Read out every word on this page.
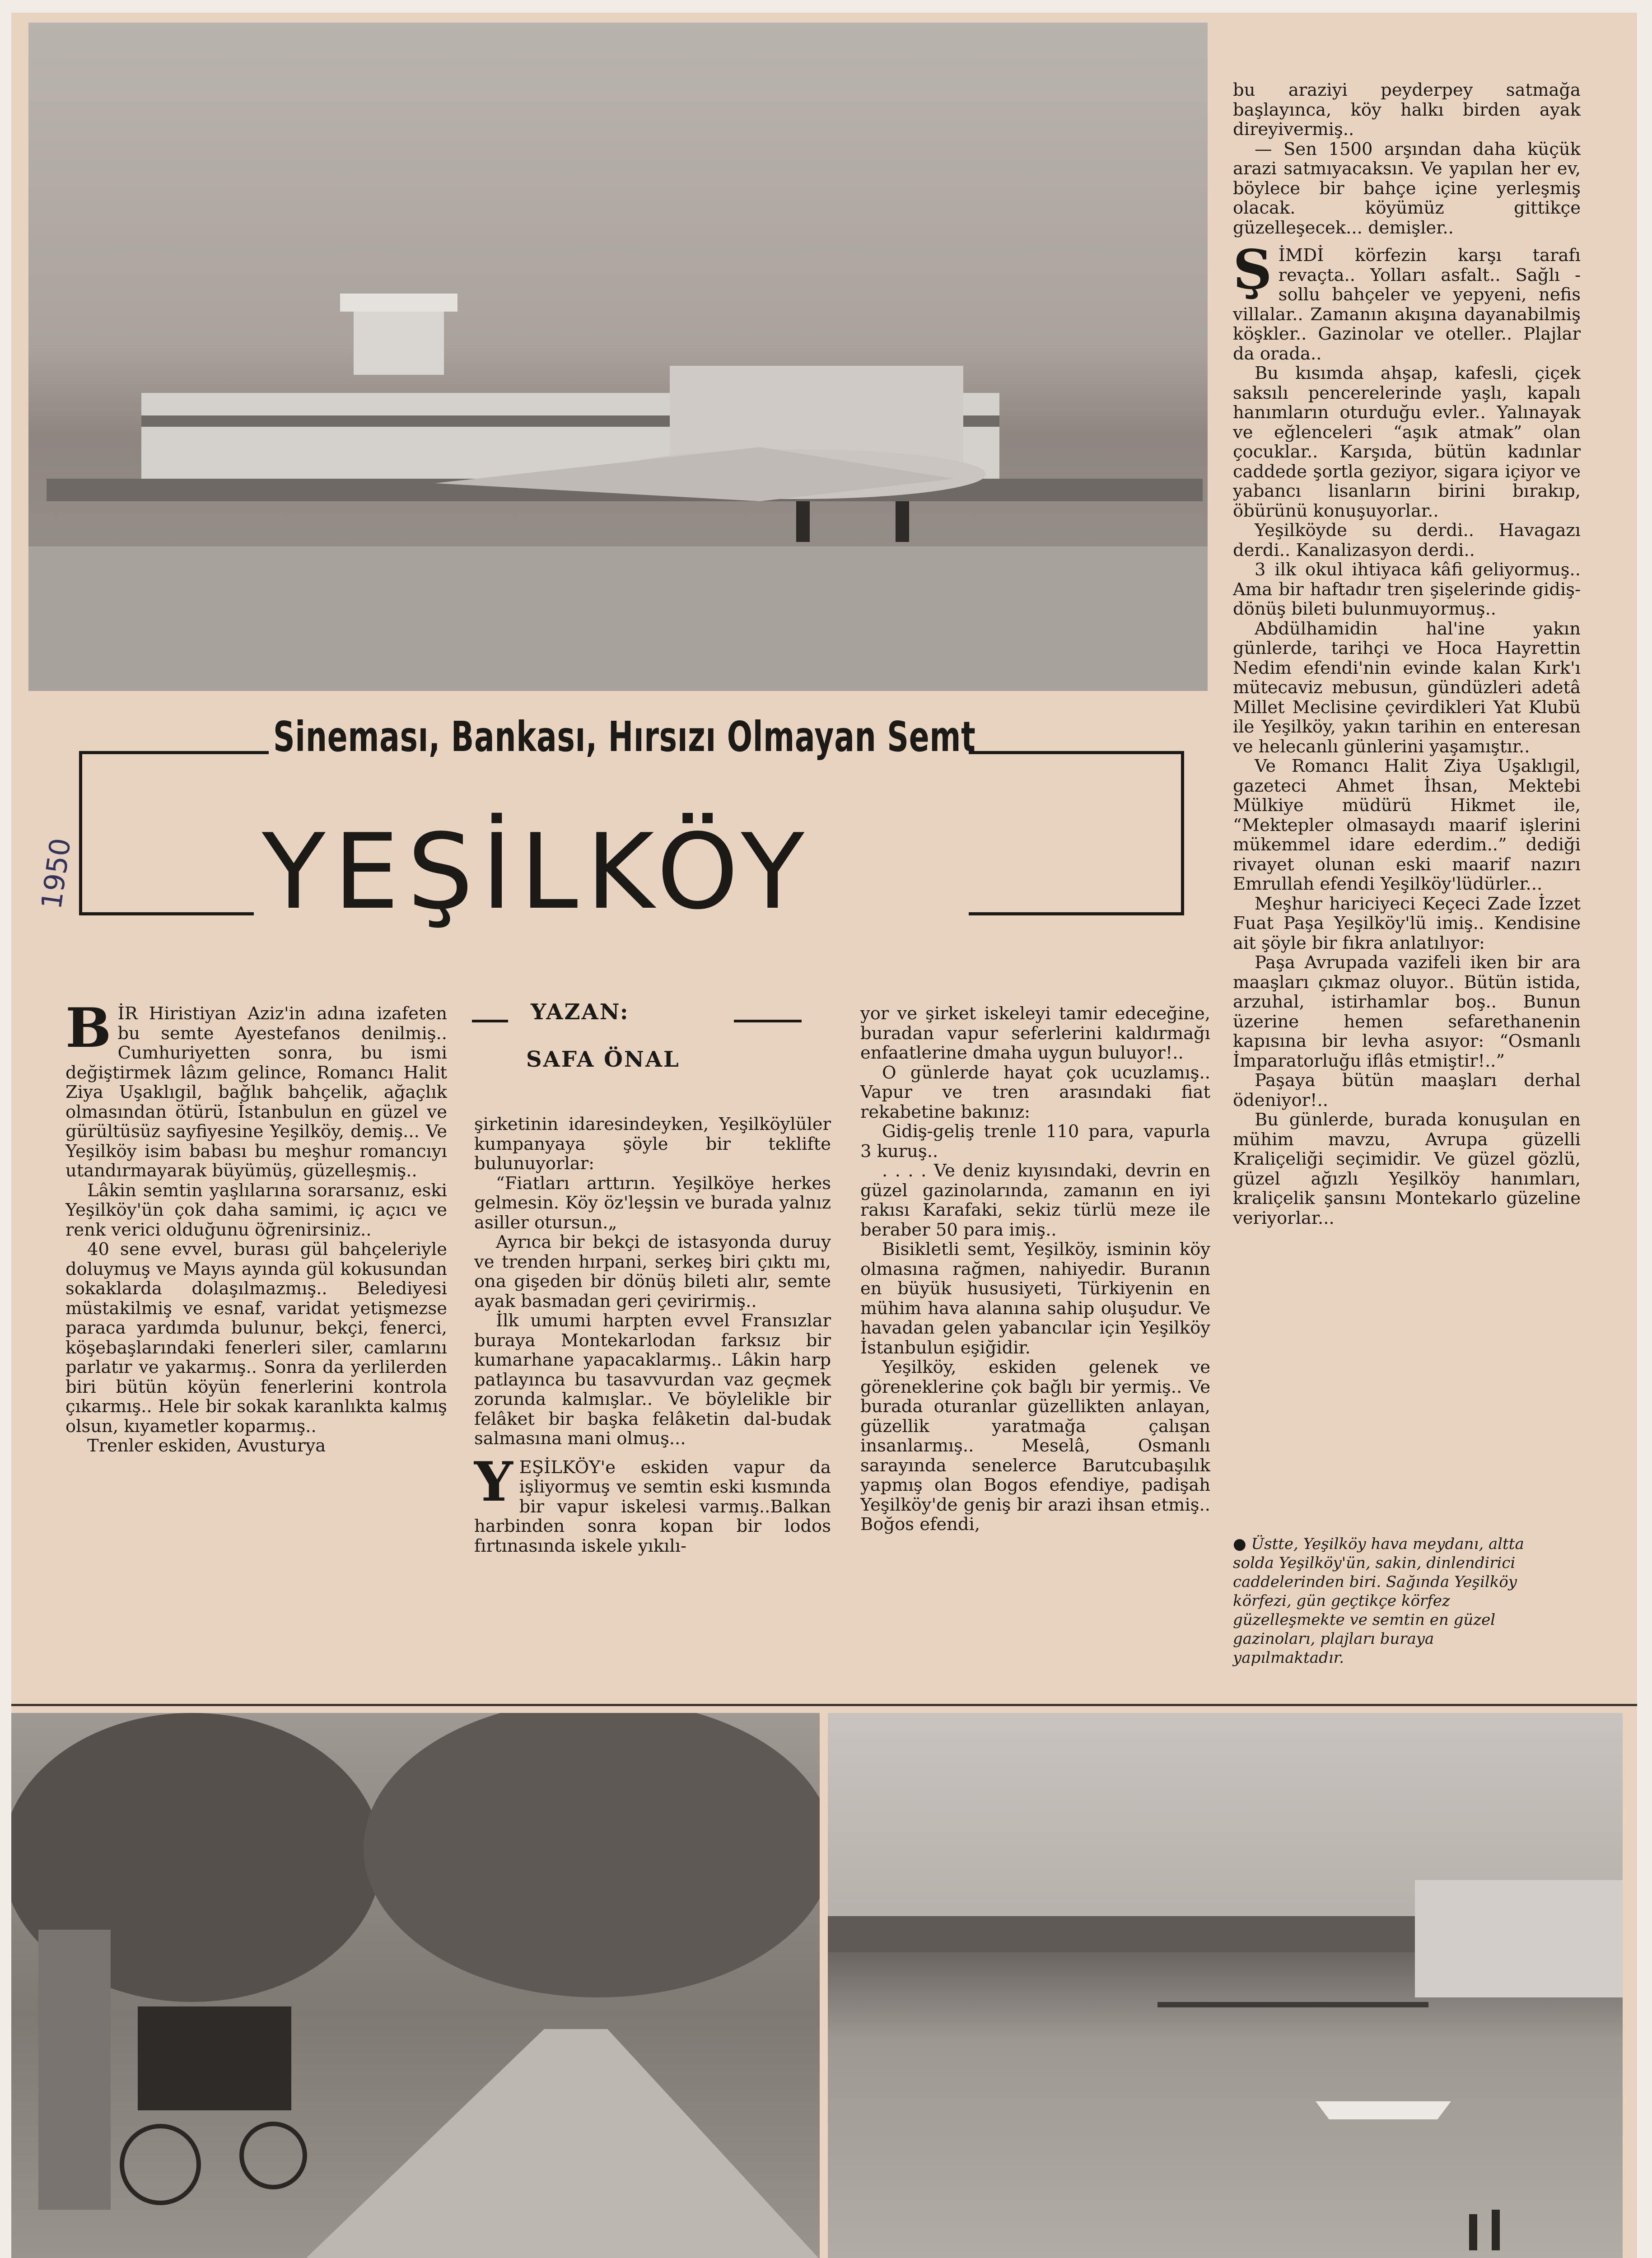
Sineması, Bankası, Hırsızı Olmayan Semt
YEŞİLKÖY
1950
YAZAN:
SAFA ÖNAL

BİR Hiristiyan Aziz'in adına izafeten bu semte Ayestefanos denilmiş.. Cumhuriyetten sonra, bu ismi değiştirmek lâzım gelince, Romancı Halit Ziya Uşaklıgil, bağlık bahçelik, ağaçlık olmasından ötürü, İstanbulun en güzel ve gürültüsüz sayfiyesine Yeşilköy, demiş... Ve Yeşilköy isim babası bu meşhur romancıyı utandırmayarak büyümüş, güzelleşmiş..

Lâkin semtin yaşlılarına sorarsanız, eski Yeşilköy'ün çok daha samimi, iç açıcı ve renk verici olduğunu öğrenirsiniz..

40 sene evvel, burası gül bahçeleriyle doluymuş ve Mayıs ayında gül kokusundan sokaklarda dolaşılmazmış.. Belediyesi müstakilmiş ve esnaf, varidat yetişmezse paraca yardımda bulunur, bekçi, fenerci, köşebaşlarındaki fenerleri siler, camlarını parlatır ve yakarmış.. Sonra da yerlilerden biri bütün köyün fenerlerini kontrola çıkarmış.. Hele bir sokak karanlıkta kalmış olsun, kıyametler koparmış..

Trenler eskiden, Avusturya

şirketinin idaresindeyken, Yeşilköylüler kumpanyaya şöyle bir teklifte bulunuyorlar:

“Fiatları arttırın. Yeşilköye herkes gelmesin. Köy öz'leşsin ve burada yalnız asiller otursun.„

Ayrıca bir bekçi de istasyonda duruy ve trenden hırpani, serkeş biri çıktı mı, ona gişeden bir dönüş bileti alır, semte ayak basmadan geri çevirirmiş..

İlk umumi harpten evvel Fransızlar buraya Montekarlodan farksız bir kumarhane yapacaklarmış.. Lâkin harp patlayınca bu tasavvurdan vaz geçmek zorunda kalmışlar.. Ve böylelikle bir felâket bir başka felâketin dal-budak salmasına mani olmuş...

YEŞİLKÖY'e eskiden vapur da işliyormuş ve semtin eski kısmında bir vapur iskelesi varmış..Balkan harbinden sonra kopan bir lodos fırtınasında iskele yıkılı-

yor ve şirket iskeleyi tamir edeceğine, buradan vapur seferlerini kaldırmağı enfaatlerine dmaha uygun buluyor!..

O günlerde hayat çok ucuzlamış.. Vapur ve tren arasındaki fiat rekabetine bakınız:

Gidiş-geliş trenle 110 para, vapurla 3 kuruş..

. . . . Ve deniz kıyısındaki, devrin en güzel gazinolarında, zamanın en iyi rakısı Karafaki, sekiz türlü meze ile beraber 50 para imiş..

Bisikletli semt, Yeşilköy, isminin köy olmasına rağmen, nahiyedir. Buranın en büyük hususiyeti, Türkiyenin en mühim hava alanına sahip oluşudur. Ve havadan gelen yabancılar için Yeşilköy İstanbulun eşiğidir.

Yeşilköy, eskiden gelenek ve göreneklerine çok bağlı bir yermiş.. Ve burada oturanlar güzellikten anlayan, güzellik yaratmağa çalışan insanlarmış.. Meselâ, Osmanlı sarayında senelerce Barutcubaşılık yapmış olan Bogos efendiye, padişah Yeşilköy'de geniş bir arazi ihsan etmiş.. Boğos efendi,

bu araziyi peyderpey satmağa başlayınca, köy halkı birden ayak direyivermiş..

— Sen 1500 arşından daha küçük arazi satmıyacaksın. Ve yapılan her ev, böylece bir bahçe içine yerleşmiş olacak. köyümüz gittikçe güzelleşecek... demişler..

ŞİMDİ körfezin karşı tarafı revaçta.. Yolları asfalt.. Sağlı - sollu bahçeler ve yepyeni, nefis villalar.. Zamanın akışına dayanabilmiş köşkler.. Gazinolar ve oteller.. Plajlar da orada..

Bu kısımda ahşap, kafesli, çiçek saksılı pencerelerinde yaşlı, kapalı hanımların oturduğu evler.. Yalınayak ve eğlenceleri “aşık atmak” olan çocuklar.. Karşıda, bütün kadınlar caddede şortla geziyor, sigara içiyor ve yabancı lisanların birini bırakıp, öbürünü konuşuyorlar..

Yeşilköyde su derdi.. Havagazı derdi.. Kanalizasyon derdi..

3 ilk okul ihtiyaca kâfi geliyormuş.. Ama bir haftadır tren şişelerinde gidiş-dönüş bileti bulunmuyormuş..

Abdülhamidin hal'ine yakın günlerde, tarihçi ve Hoca Hayrettin Nedim efendi'nin evinde kalan Kırk'ı mütecaviz mebusun, gündüzleri adetâ Millet Meclisine çevirdikleri Yat Klubü ile Yeşilköy, yakın tarihin en enteresan ve helecanlı günlerini yaşamıştır..

Ve Romancı Halit Ziya Uşaklıgil, gazeteci Ahmet İhsan, Mektebi Mülkiye müdürü Hikmet ile, “Mektepler olmasaydı maarif işlerini mükemmel idare ederdim..” dediği rivayet olunan eski maarif nazırı Emrullah efendi Yeşilköy'lüdürler...

Meşhur hariciyeci Keçeci Zade İzzet Fuat Paşa Yeşilköy'lü imiş.. Kendisine ait şöyle bir fıkra anlatılıyor:

Paşa Avrupada vazifeli iken bir ara maaşları çıkmaz oluyor.. Bütün istida, arzuhal, istirhamlar boş.. Bunun üzerine hemen sefarethanenin kapısına bir levha asıyor: “Osmanlı İmparatorluğu iflâs etmiştir!..”

Paşaya bütün maaşları derhal ödeniyor!..

Bu günlerde, burada konuşulan en mühim mavzu, Avrupa güzelli Kraliçeliği seçimidir. Ve güzel gözlü, güzel ağızlı Yeşilköy hanımları, kraliçelik şansını Montekarlo güzeline veriyorlar...

● Üstte, Yeşilköy hava meydanı, altta solda Yeşilköy'ün, sakin, dinlendirici caddelerinden biri. Sağında Yeşilköy körfezi, gün geçtikçe körfez güzelleşmekte ve semtin en güzel gazinoları, plajları buraya yapılmaktadır.
